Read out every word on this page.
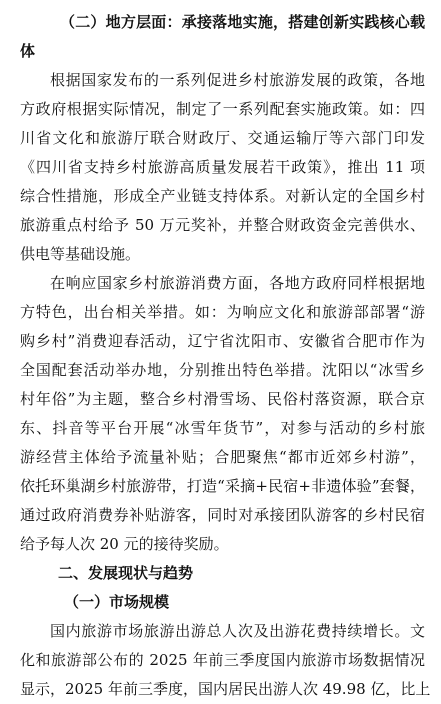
（二）地方层面：承接落地实施，搭建创新实践核心载
体
根据国家发布的一系列促进乡村旅游发展的政策，各地
方政府根据实际情况，制定了一系列配套实施政策。如：四
川省文化和旅游厅联合财政厅、交通运输厅等六部门印发
《四川省支持乡村旅游高质量发展若干政策》，推出 11 项
综合性措施，形成全产业链支持体系。对新认定的全国乡村
旅游重点村给予 50 万元奖补，并整合财政资金完善供水、
供电等基础设施。
在响应国家乡村旅游消费方面，各地方政府同样根据地
方特色，出台相关举措。如：为响应文化和旅游部部署“游
购乡村”消费迎春活动，辽宁省沈阳市、安徽省合肥市作为
全国配套活动举办地，分别推出特色举措。沈阳以“冰雪乡
村年俗”为主题，整合乡村滑雪场、民俗村落资源，联合京
东、抖音等平台开展“冰雪年货节”，对参与活动的乡村旅
游经营主体给予流量补贴；合肥聚焦“都市近郊乡村游”，
依托环巢湖乡村旅游带，打造“采摘+民宿+非遗体验”套餐，
通过政府消费券补贴游客，同时对承接团队游客的乡村民宿
给予每人次 20 元的接待奖励。
二、发展现状与趋势
（一）市场规模
国内旅游市场旅游出游总人次及出游花费持续增长。文
化和旅游部公布的 2025 年前三季度国内旅游市场数据情况
显示，2025 年前三季度，国内居民出游人次 49.98 亿，比上
